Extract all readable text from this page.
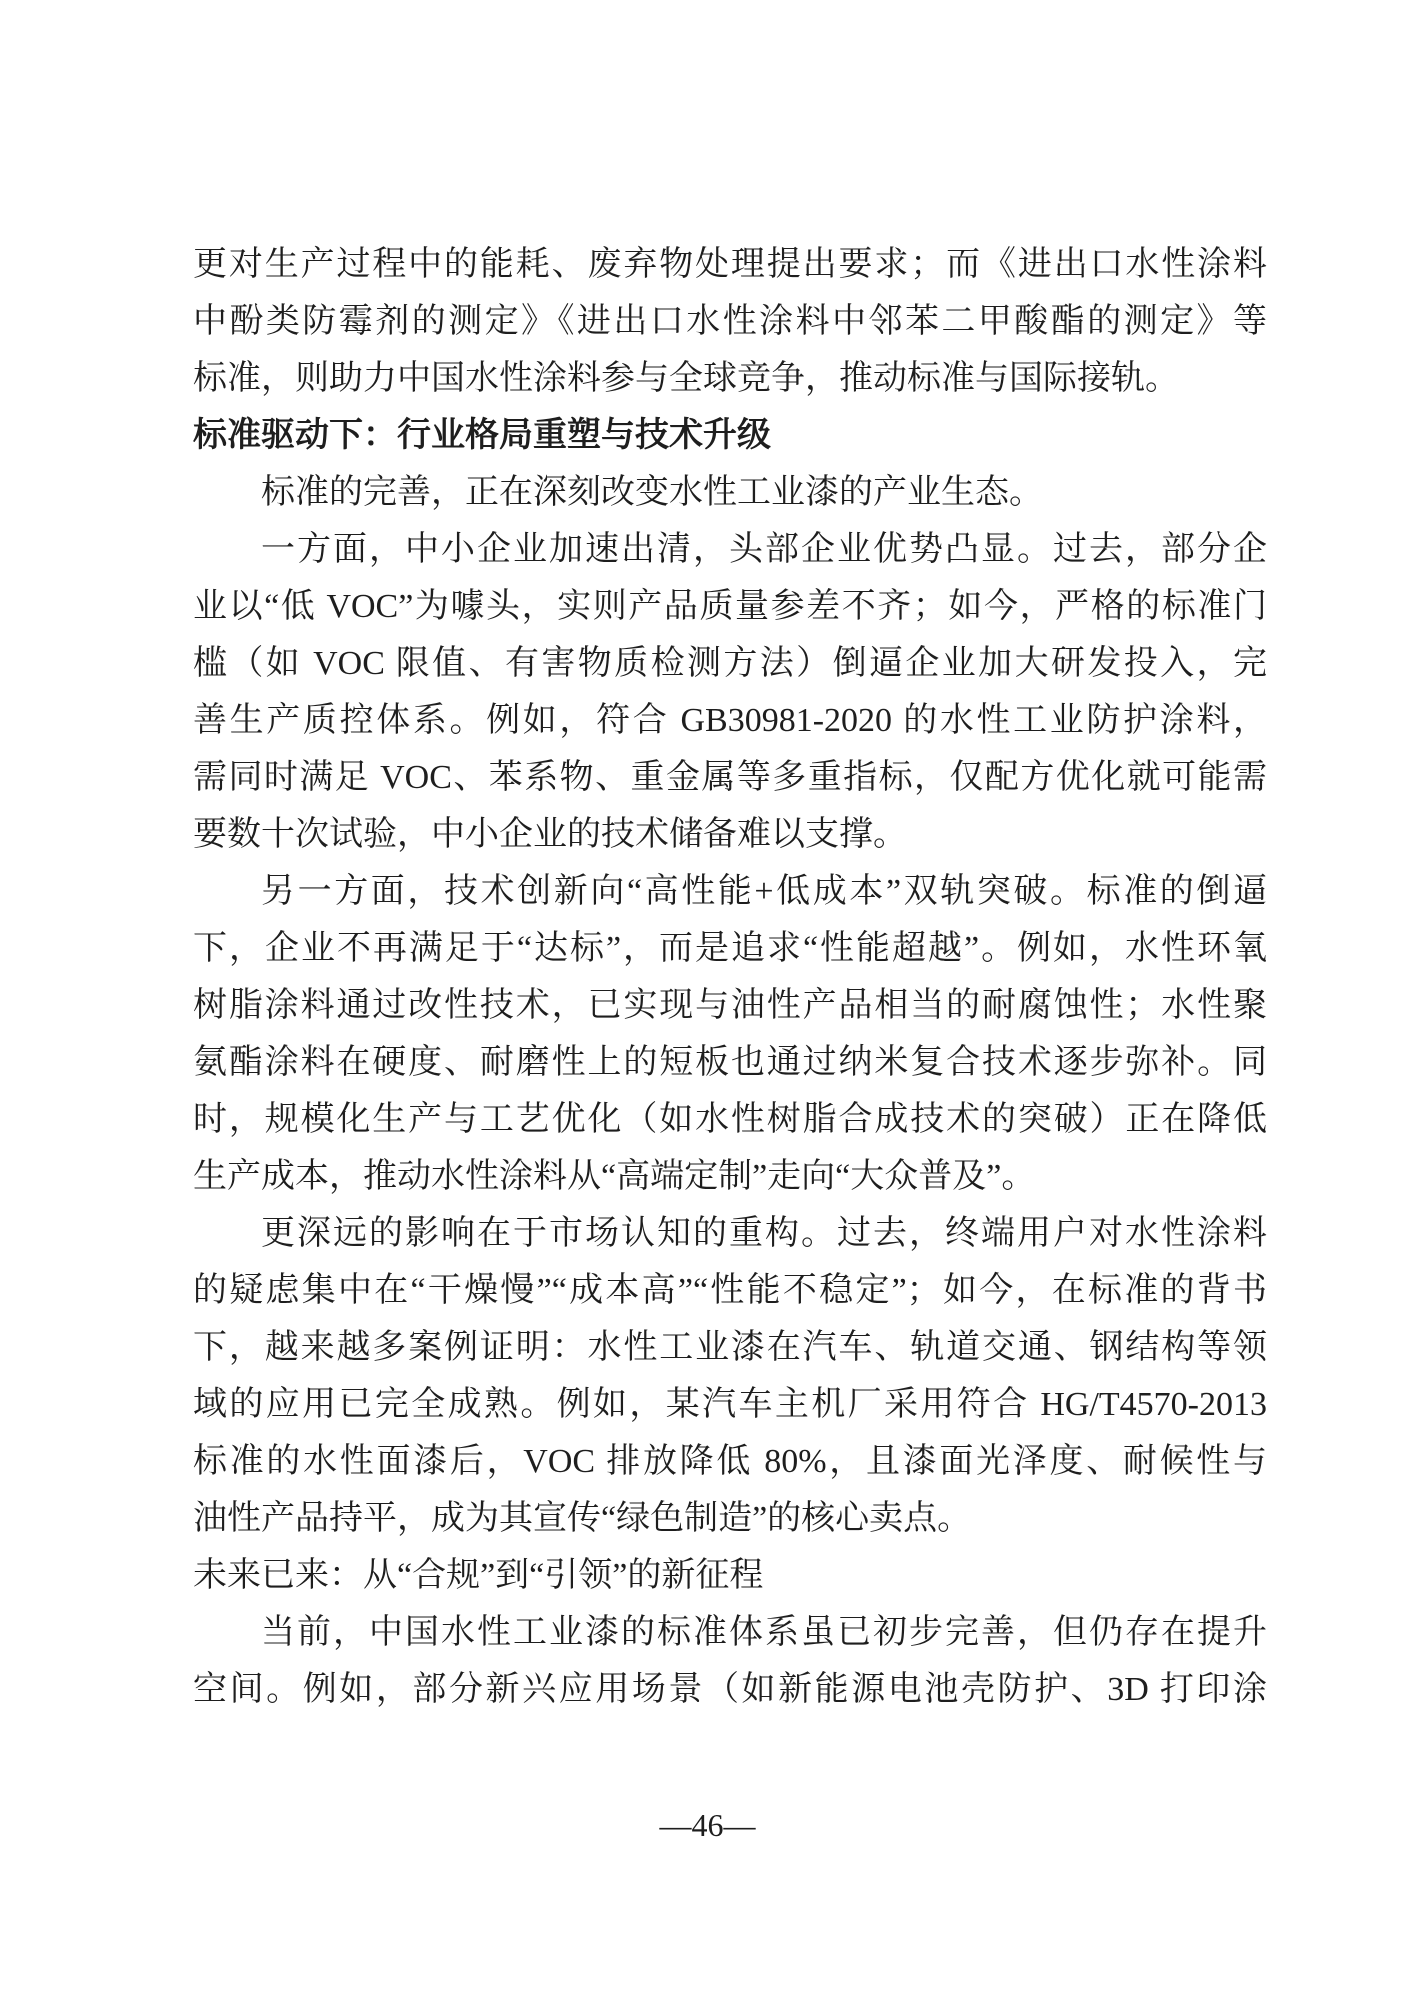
更对生产过程中的能耗、废弃物处理提出要求；而《进出口水性涂料
中酚类防霉剂的测定》《进出口水性涂料中邻苯二甲酸酯的测定》等
标准，则助力中国水性涂料参与全球竞争，推动标准与国际接轨。
标准驱动下：行业格局重塑与技术升级
标准的完善，正在深刻改变水性工业漆的产业生态。
一方面，中小企业加速出清，头部企业优势凸显。过去，部分企
业以“低 VOC”为噱头，实则产品质量参差不齐；如今，严格的标准门
槛（如 VOC 限值、有害物质检测方法）倒逼企业加大研发投入，完
善生产质控体系。例如，符合 GB30981-2020 的水性工业防护涂料，
需同时满足 VOC、苯系物、重金属等多重指标，仅配方优化就可能需
要数十次试验，中小企业的技术储备难以支撑。
另一方面，技术创新向“高性能+低成本”双轨突破。标准的倒逼
下，企业不再满足于“达标”，而是追求“性能超越”。例如，水性环氧
树脂涂料通过改性技术，已实现与油性产品相当的耐腐蚀性；水性聚
氨酯涂料在硬度、耐磨性上的短板也通过纳米复合技术逐步弥补。同
时，规模化生产与工艺优化（如水性树脂合成技术的突破）正在降低
生产成本，推动水性涂料从“高端定制”走向“大众普及”。
更深远的影响在于市场认知的重构。过去，终端用户对水性涂料
的疑虑集中在“干燥慢”“成本高”“性能不稳定”；如今，在标准的背书
下，越来越多案例证明：水性工业漆在汽车、轨道交通、钢结构等领
域的应用已完全成熟。例如，某汽车主机厂采用符合 HG/T4570-2013
标准的水性面漆后，VOC 排放降低 80%，且漆面光泽度、耐候性与
油性产品持平，成为其宣传“绿色制造”的核心卖点。
未来已来：从“合规”到“引领”的新征程
当前，中国水性工业漆的标准体系虽已初步完善，但仍存在提升
空间。例如，部分新兴应用场景（如新能源电池壳防护、3D 打印涂
—46—
